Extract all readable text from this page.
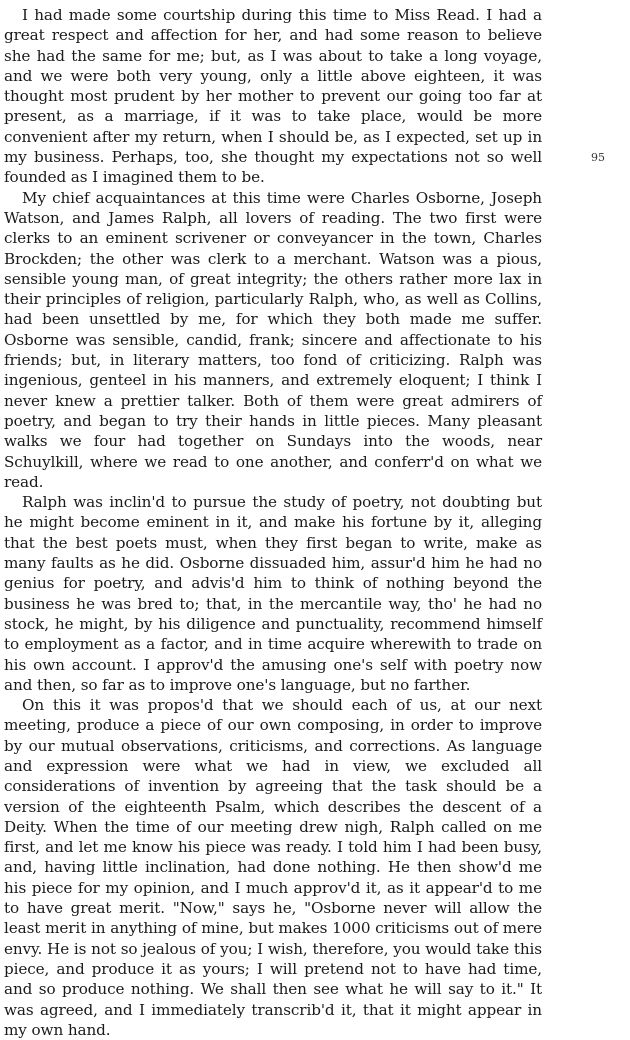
I had made some courtship during this time to Miss Read. I had a great respect and affection for her, and had some reason to believe she had the same for me; but, as I was about to take a long voyage, and we were both very young, only a little above eighteen, it was thought most prudent by her mother to prevent our going too far at present, as a marriage, if it was to take place, would be more convenient after my return, when I should be, as I expected, set up in my business. Perhaps, too, she thought my expectations not so well founded as I imagined them to be.

My chief acquaintances at this time were Charles Osborne, Joseph Watson, and James Ralph, all lovers of reading. The two first were clerks to an eminent scrivener or conveyancer in the town, Charles Brockden; the other was clerk to a merchant. Watson was a pious, sensible young man, of great integrity; the others rather more lax in their principles of religion, particularly Ralph, who, as well as Collins, had been unsettled by me, for which they both made me suffer. Osborne was sensible, candid, frank; sincere and affectionate to his friends; but, in literary matters, too fond of criticizing. Ralph was ingenious, genteel in his manners, and extremely eloquent; I think I never knew a prettier talker. Both of them were great admirers of poetry, and began to try their hands in little pieces. Many pleasant walks we four had together on Sundays into the woods, near Schuylkill, where we read to one another, and conferr'd on what we read.

Ralph was inclin'd to pursue the study of poetry, not doubting but he might become eminent in it, and make his fortune by it, alleging that the best poets must, when they first began to write, make as many faults as he did. Osborne dissuaded him, assur'd him he had no genius for poetry, and advis'd him to think of nothing beyond the business he was bred to; that, in the mercantile way, tho' he had no stock, he might, by his diligence and punctuality, recommend himself to employment as a factor, and in time acquire wherewith to trade on his own account. I approv'd the amusing one's self with poetry now and then, so far as to improve one's language, but no farther.

On this it was propos'd that we should each of us, at our next meeting, produce a piece of our own composing, in order to improve by our mutual observations, criticisms, and corrections. As language and expression were what we had in view, we excluded all considerations of invention by agreeing that the task should be a version of the eighteenth Psalm, which describes the descent of a Deity. When the time of our meeting drew nigh, Ralph called on me first, and let me know his piece was ready. I told him I had been busy, and, having little inclination, had done nothing. He then show'd me his piece for my opinion, and I much approv'd it, as it appear'd to me to have great merit. "Now," says he, "Osborne never will allow the least merit in anything of mine, but makes 1000 criticisms out of mere envy. He is not so jealous of you; I wish, therefore, you would take this piece, and produce it as yours; I will pretend not to have had time, and so produce nothing. We shall then see what he will say to it." It was agreed, and I immediately transcrib'd it, that it might appear in my own hand.

95
